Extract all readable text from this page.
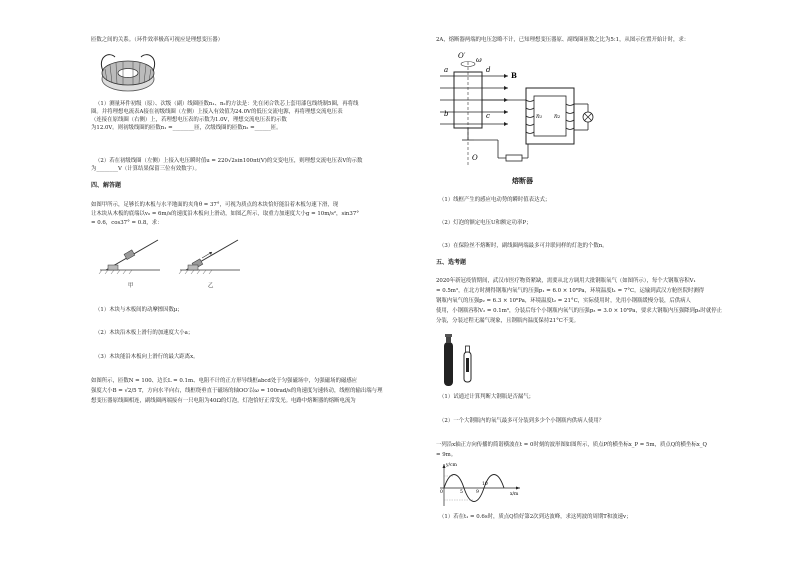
匝数之间的关系。（环件效率极高可视应是理想变压器）
（1）测量环件初级（原）、次级（副）线圈匝数n₁、n₂的方法是：先在闭合铁芯上套用漆包线绕制5圈，再将线
圈。并将理想电流表A接在初级线圈（左侧）上接入有效值为24.0V的低压交流电源，再将理想交流电压表
（连接在原线圈（右侧）上，若理想电压表的示数为1.0V，理想交流电压表的示数
为12.0V。则初级线圈的匝数n₁ =________匝，次级线圈的匝数n₂ =______匝。
（2）若在初级线圈（左侧）上接入电压瞬时值u = 220√2sin100πt(V)的交变电压，则理想交流电压表V的示数
为________V（计算结果保留三位有效数字）。
四、解答题
如图甲所示，足够长的木板与水平地面的夹角θ = 37°，可视为质点的木块恰好能沿着木板匀速下滑，现
让木块从木板的底端以v₀ = 6m/s的速度沿木板向上滑动，如图乙所示，取重力加速度大小g = 10m/s²，sin37°
= 0.6，cos37° = 0.8，求：
甲	乙
（1）木块与木板间的动摩擦因数μ；
（2）木块沿木板上滑行的加速度大小a；
（3）木块能沿木板向上滑行的最大距离x。
如图所示，匝数N = 100、边长L = 0.1m、电阻不计的正方形导线框abcd处于匀强磁场中，匀强磁场的磁感应
强度大小B = √2/5 T，方向水平向右，线框绕垂直于磁场的轴OO′以ω = 100rad/s的角速度匀速转动，线框的输出端与理
想变压器原线圈相连，副线圈两端接有一只电阻为40Ω的灯泡，灯泡恰好正常发光。电路中熔断器的熔断电流为
2A，熔断器两端的电压忽略不计，已知理想变压器原、副线圈匝数之比为5:1，从图示位置开始计时，求：
a
b	c
d
O′
O
ω
B
n₁ n₂
熔断器
（1）线框产生的感应电动势的瞬时值表达式；
（2）灯泡的额定电压U和额定功率P；
（3）在保险丝不熔断时，副线圈两端最多可并联同样的灯泡的个数n。
五、选考题
2020年新冠疫情期间，武汉市医疗物资紧缺，需要从北方调用大批钢瓶氧气（如图所示），每个大钢瓶容积V₁
= 0.5m³，在北方时测得钢瓶内氧气的压强p₁ = 6.0 × 10⁶Pa，环境温度t₁ = 7°C，运输到武汉方舱医院时测得
钢瓶内氧气的压强p₂ = 6.3 × 10⁶Pa，环境温度t₂ = 21°C，实际使用时，先用小钢瓶缓慢分装，后供病人
使用，小钢瓶容积V₂ = 0.1m³，分装后每个小钢瓶内氧气的压强p₃ = 3.0 × 10⁵Pa，要求大钢瓶内压强降到p₃时就停止
分装，分装过程无漏气现象，且钢瓶内温度保持21°C不变。
（1）试通过计算判断大钢瓶是否漏气；
（2）一个大钢瓶内的氧气最多可分装到多少个小钢瓶内供病人使用？
一列沿x轴正方向传播的简谐横波在t = 0时刻的波形图如图所示，质点P的横坐标x_P = 5m，质点Q的横坐标x_Q
= 9m。
y/cm
x/m
0	5	9
10
（1）若在t₁ = 0.6s时，质点Q恰好第2次到达波峰，求这列波的周期T和波速v；
